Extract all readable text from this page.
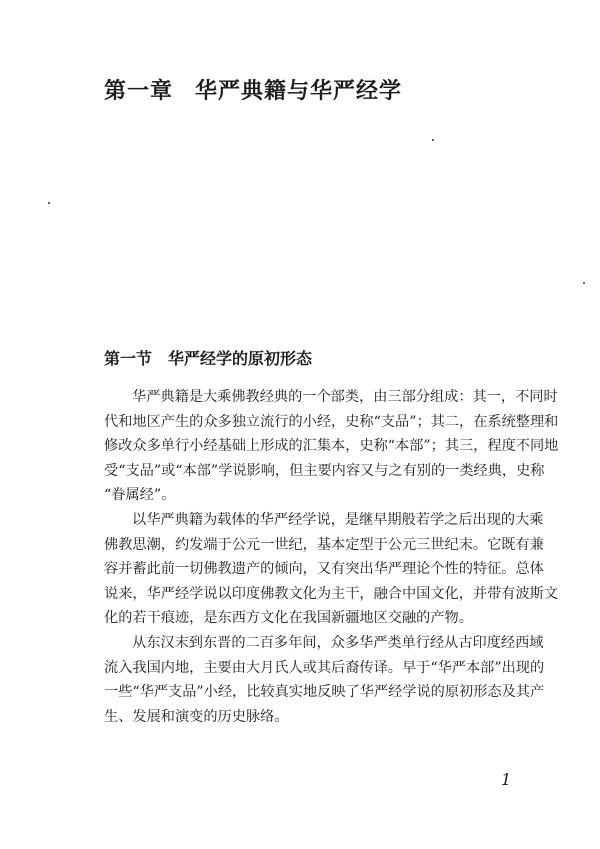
第一章 华严典籍与华严经学
第一节 华严经学的原初形态
华严典籍是大乘佛教经典的一个部类，由三部分组成：其一，不同时
代和地区产生的众多独立流行的小经，史称“支品”；其二，在系统整理和
修改众多单行小经基础上形成的汇集本，史称“本部”；其三，程度不同地
受“支品”或“本部”学说影响，但主要内容又与之有别的一类经典，史称
“眷属经”。
以华严典籍为载体的华严经学说，是继早期般若学之后出现的大乘
佛教思潮，约发端于公元一世纪，基本定型于公元三世纪末。它既有兼
容并蓄此前一切佛教遗产的倾向，又有突出华严理论个性的特征。总体
说来，华严经学说以印度佛教文化为主干，融合中国文化，并带有波斯文
化的若干痕迹，是东西方文化在我国新疆地区交融的产物。
从东汉末到东晋的二百多年间，众多华严类单行经从古印度经西域
流入我国内地，主要由大月氏人或其后裔传译。早于“华严本部”出现的
一些“华严支品”小经，比较真实地反映了华严经学说的原初形态及其产
生、发展和演变的历史脉络。
1
